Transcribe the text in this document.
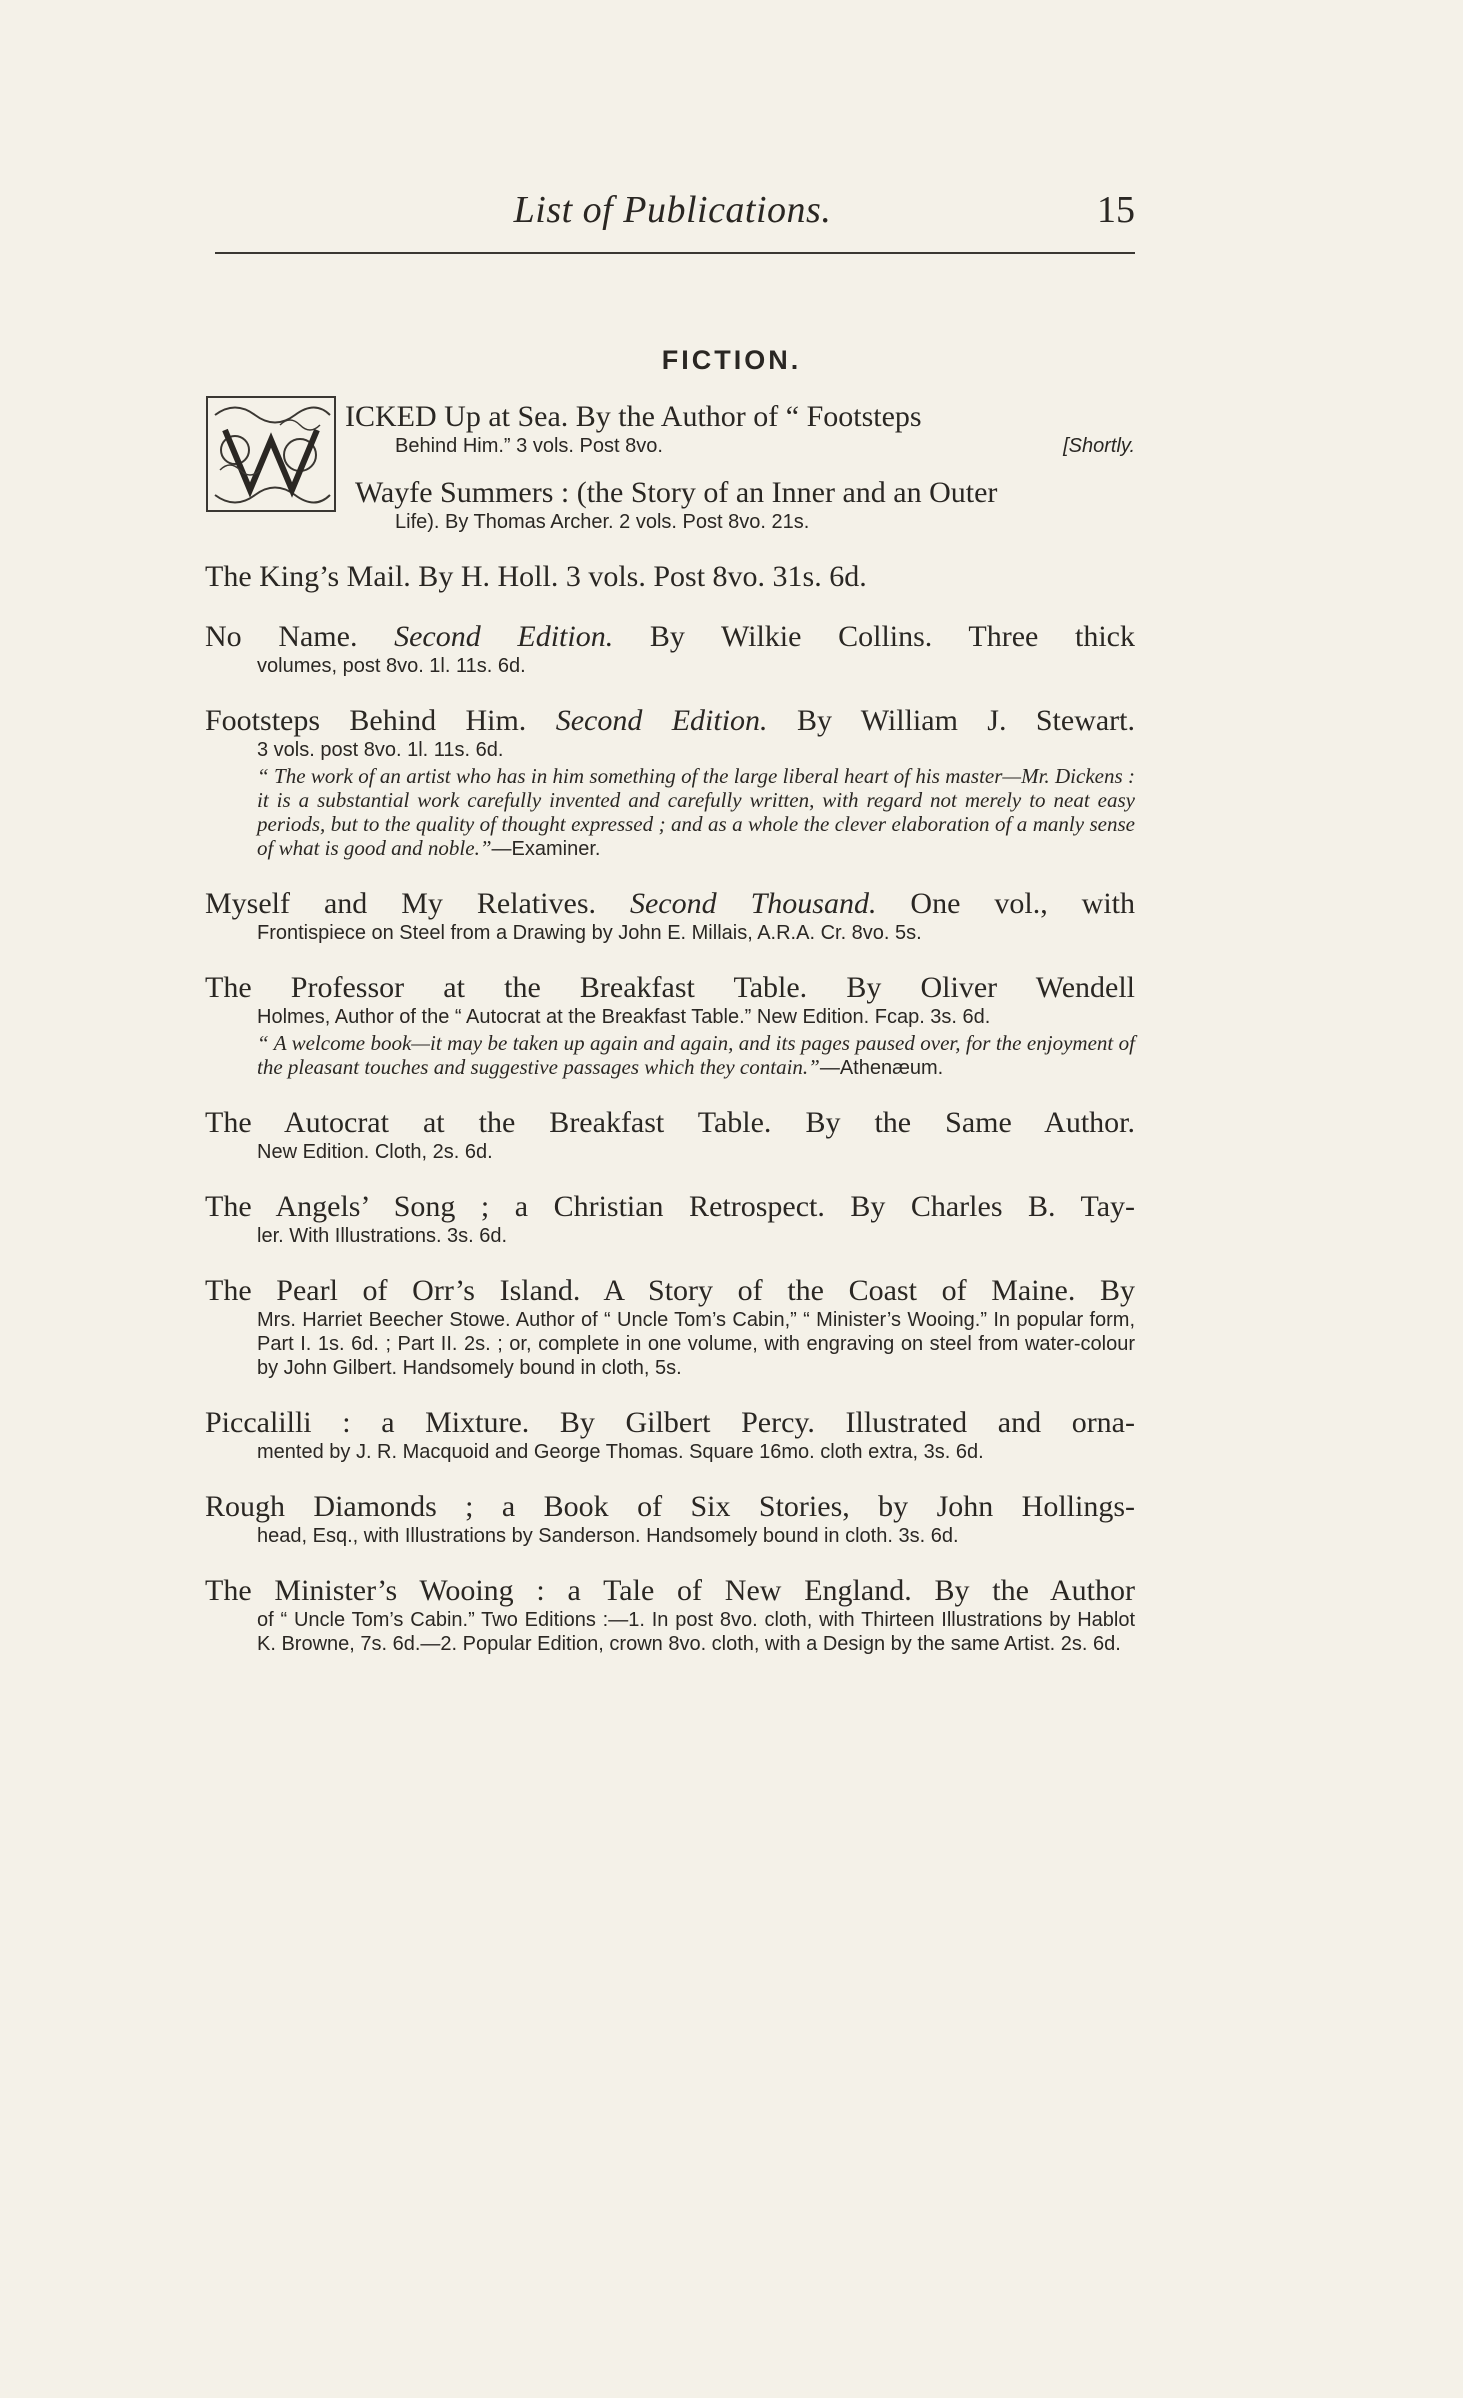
List of Publications.	15
FICTION.
ICKED Up at Sea. By the Author of “ Footsteps
Behind Him.” 3 vols. Post 8vo.	[Shortly.
Wayfe Summers : (the Story of an Inner and an Outer
Life). By Thomas Archer. 2 vols. Post 8vo. 21s.
The King’s Mail. By H. Holl. 3 vols. Post 8vo. 31s. 6d.
No Name. Second Edition. By Wilkie Collins. Three thick
volumes, post 8vo. 1l. 11s. 6d.
Footsteps Behind Him. Second Edition. By William J. Stewart.
3 vols. post 8vo. 1l. 11s. 6d.
“ The work of an artist who has in him something of the large liberal heart of his master—Mr. Dickens : it is a substantial work carefully invented and carefully written, with regard not merely to neat easy periods, but to the quality of thought expressed ; and as a whole the clever elaboration of a manly sense of what is good and noble.”—Examiner.
Myself and My Relatives. Second Thousand. One vol., with
Frontispiece on Steel from a Drawing by John E. Millais, A.R.A. Cr. 8vo. 5s.
The Professor at the Breakfast Table. By Oliver Wendell
Holmes, Author of the “ Autocrat at the Breakfast Table.” New Edition. Fcap. 3s. 6d.
“ A welcome book—it may be taken up again and again, and its pages paused over, for the enjoyment of the pleasant touches and suggestive passages which they contain.”—Athenæum.
The Autocrat at the Breakfast Table. By the Same Author.
New Edition. Cloth, 2s. 6d.
The Angels’ Song ; a Christian Retrospect. By Charles B. Tay-
ler. With Illustrations. 3s. 6d.
The Pearl of Orr’s Island. A Story of the Coast of Maine. By
Mrs. Harriet Beecher Stowe. Author of “ Uncle Tom’s Cabin,” “ Minister’s Wooing.” In popular form, Part I. 1s. 6d. ; Part II. 2s. ; or, complete in one volume, with engraving on steel from water-colour by John Gilbert. Handsomely bound in cloth, 5s.
Piccalilli : a Mixture. By Gilbert Percy. Illustrated and orna-
mented by J. R. Macquoid and George Thomas. Square 16mo. cloth extra, 3s. 6d.
Rough Diamonds ; a Book of Six Stories, by John Hollings-
head, Esq., with Illustrations by Sanderson. Handsomely bound in cloth. 3s. 6d.
The Minister’s Wooing : a Tale of New England. By the Author
of “ Uncle Tom’s Cabin.” Two Editions :—1. In post 8vo. cloth, with Thirteen Illustrations by Hablot K. Browne, 7s. 6d.—2. Popular Edition, crown 8vo. cloth, with a Design by the same Artist. 2s. 6d.
